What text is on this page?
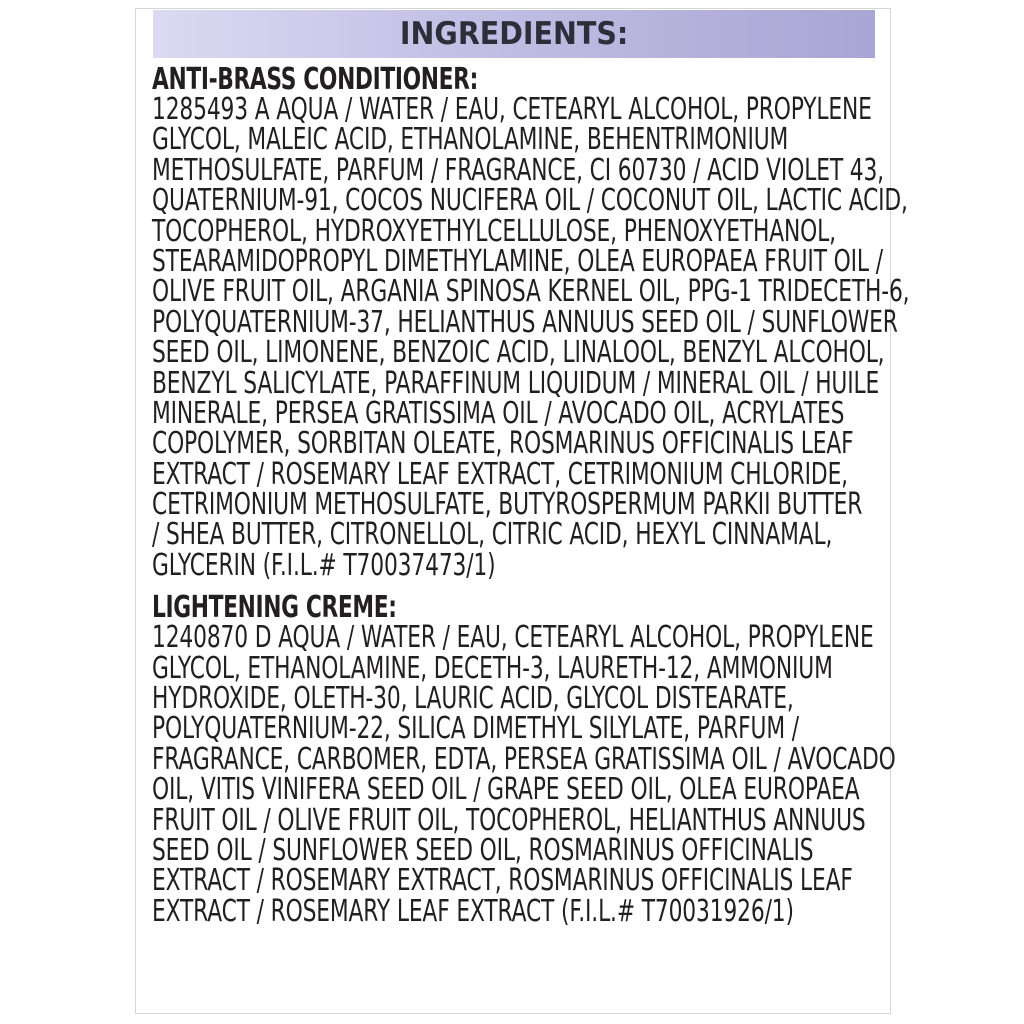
INGREDIENTS:
ANTI-BRASS CONDITIONER:
1285493 A AQUA / WATER / EAU, CETEARYL ALCOHOL, PROPYLENE
GLYCOL, MALEIC ACID, ETHANOLAMINE, BEHENTRIMONIUM
METHOSULFATE, PARFUM / FRAGRANCE, CI 60730 / ACID VIOLET 43,
QUATERNIUM-91, COCOS NUCIFERA OIL / COCONUT OIL, LACTIC ACID,
TOCOPHEROL, HYDROXYETHYLCELLULOSE, PHENOXYETHANOL,
STEARAMIDOPROPYL DIMETHYLAMINE, OLEA EUROPAEA FRUIT OIL /
OLIVE FRUIT OIL, ARGANIA SPINOSA KERNEL OIL, PPG-1 TRIDECETH-6,
POLYQUATERNIUM-37, HELIANTHUS ANNUUS SEED OIL / SUNFLOWER
SEED OIL, LIMONENE, BENZOIC ACID, LINALOOL, BENZYL ALCOHOL,
BENZYL SALICYLATE, PARAFFINUM LIQUIDUM / MINERAL OIL / HUILE
MINERALE, PERSEA GRATISSIMA OIL / AVOCADO OIL, ACRYLATES
COPOLYMER, SORBITAN OLEATE, ROSMARINUS OFFICINALIS LEAF
EXTRACT / ROSEMARY LEAF EXTRACT, CETRIMONIUM CHLORIDE,
CETRIMONIUM METHOSULFATE, BUTYROSPERMUM PARKII BUTTER
/ SHEA BUTTER, CITRONELLOL, CITRIC ACID, HEXYL CINNAMAL,
GLYCERIN (F.I.L.# T70037473/1)
LIGHTENING CREME:
1240870 D AQUA / WATER / EAU, CETEARYL ALCOHOL, PROPYLENE
GLYCOL, ETHANOLAMINE, DECETH-3, LAURETH-12, AMMONIUM
HYDROXIDE, OLETH-30, LAURIC ACID, GLYCOL DISTEARATE,
POLYQUATERNIUM-22, SILICA DIMETHYL SILYLATE, PARFUM /
FRAGRANCE, CARBOMER, EDTA, PERSEA GRATISSIMA OIL / AVOCADO
OIL, VITIS VINIFERA SEED OIL / GRAPE SEED OIL, OLEA EUROPAEA
FRUIT OIL / OLIVE FRUIT OIL, TOCOPHEROL, HELIANTHUS ANNUUS
SEED OIL / SUNFLOWER SEED OIL, ROSMARINUS OFFICINALIS
EXTRACT / ROSEMARY EXTRACT, ROSMARINUS OFFICINALIS LEAF
EXTRACT / ROSEMARY LEAF EXTRACT (F.I.L.# T70031926/1)
